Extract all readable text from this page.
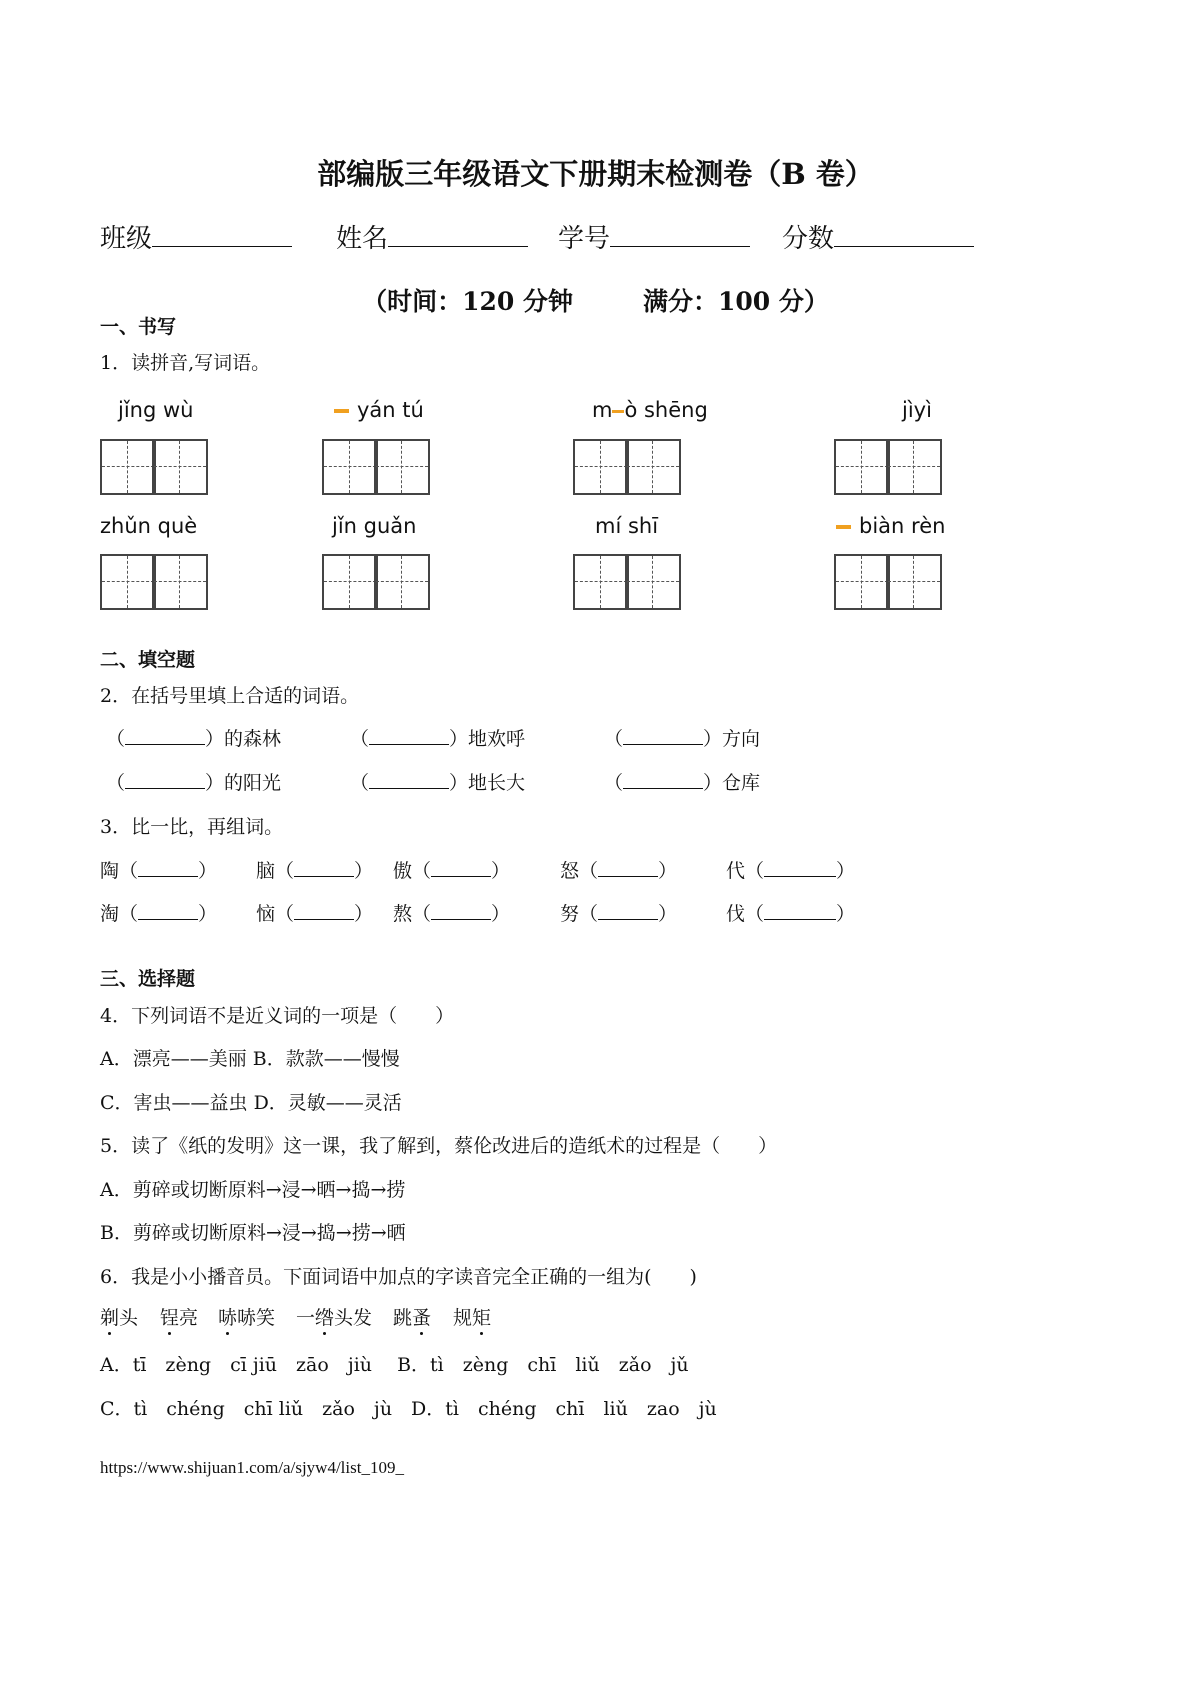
部编版三年级语文下册期末检测卷（B 卷）
班级	姓名	学号	分数
（时间：120 分钟	满分：100 分）
一、书写
1．读拼音,写词语。
jǐng wù	yán tú	m ò shēng	jìyì
zhǔn què	jǐn guǎn	mí shī	biàn rèn
二、填空题
2．在括号里填上合适的词语。
（	）的森林	（	）地欢呼	（	）方向
（	）的阳光	（	）地长大	（	）仓库
3．比一比，再组词。
陶（	） 脑（	） 傲（	）	怒（	）	代（	）
淘（	） 恼（	） 熬（	）	努（	）	伐（	）
三、选择题
4．下列词语不是近义词的一项是（　　）
A．漂亮——美丽 B．款款——慢慢
C．害虫——益虫 D．灵敏——灵活
5．读了《纸的发明》这一课，我了解到，蔡伦改进后的造纸术的过程是（　　）
A．剪碎或切断原料→浸→晒→捣→捞
B．剪碎或切断原料→浸→捣→捞→晒
6．我是小小播音员。下面词语中加点的字读音完全正确的一组为(　　)
剃头 锃亮 哧哧笑 一绺头发 跳蚤 规矩
A．tī　zèng　cī jiū　zāo　jiù　 B．tì　zèng　chī　liǔ　zǎo　jǔ
C．tì　chéng　chī liǔ　zǎo　jù　D．tì　chéng　chī　liǔ　zao　jù
https://www.shijuan1.com/a/sjyw4/list_109_
